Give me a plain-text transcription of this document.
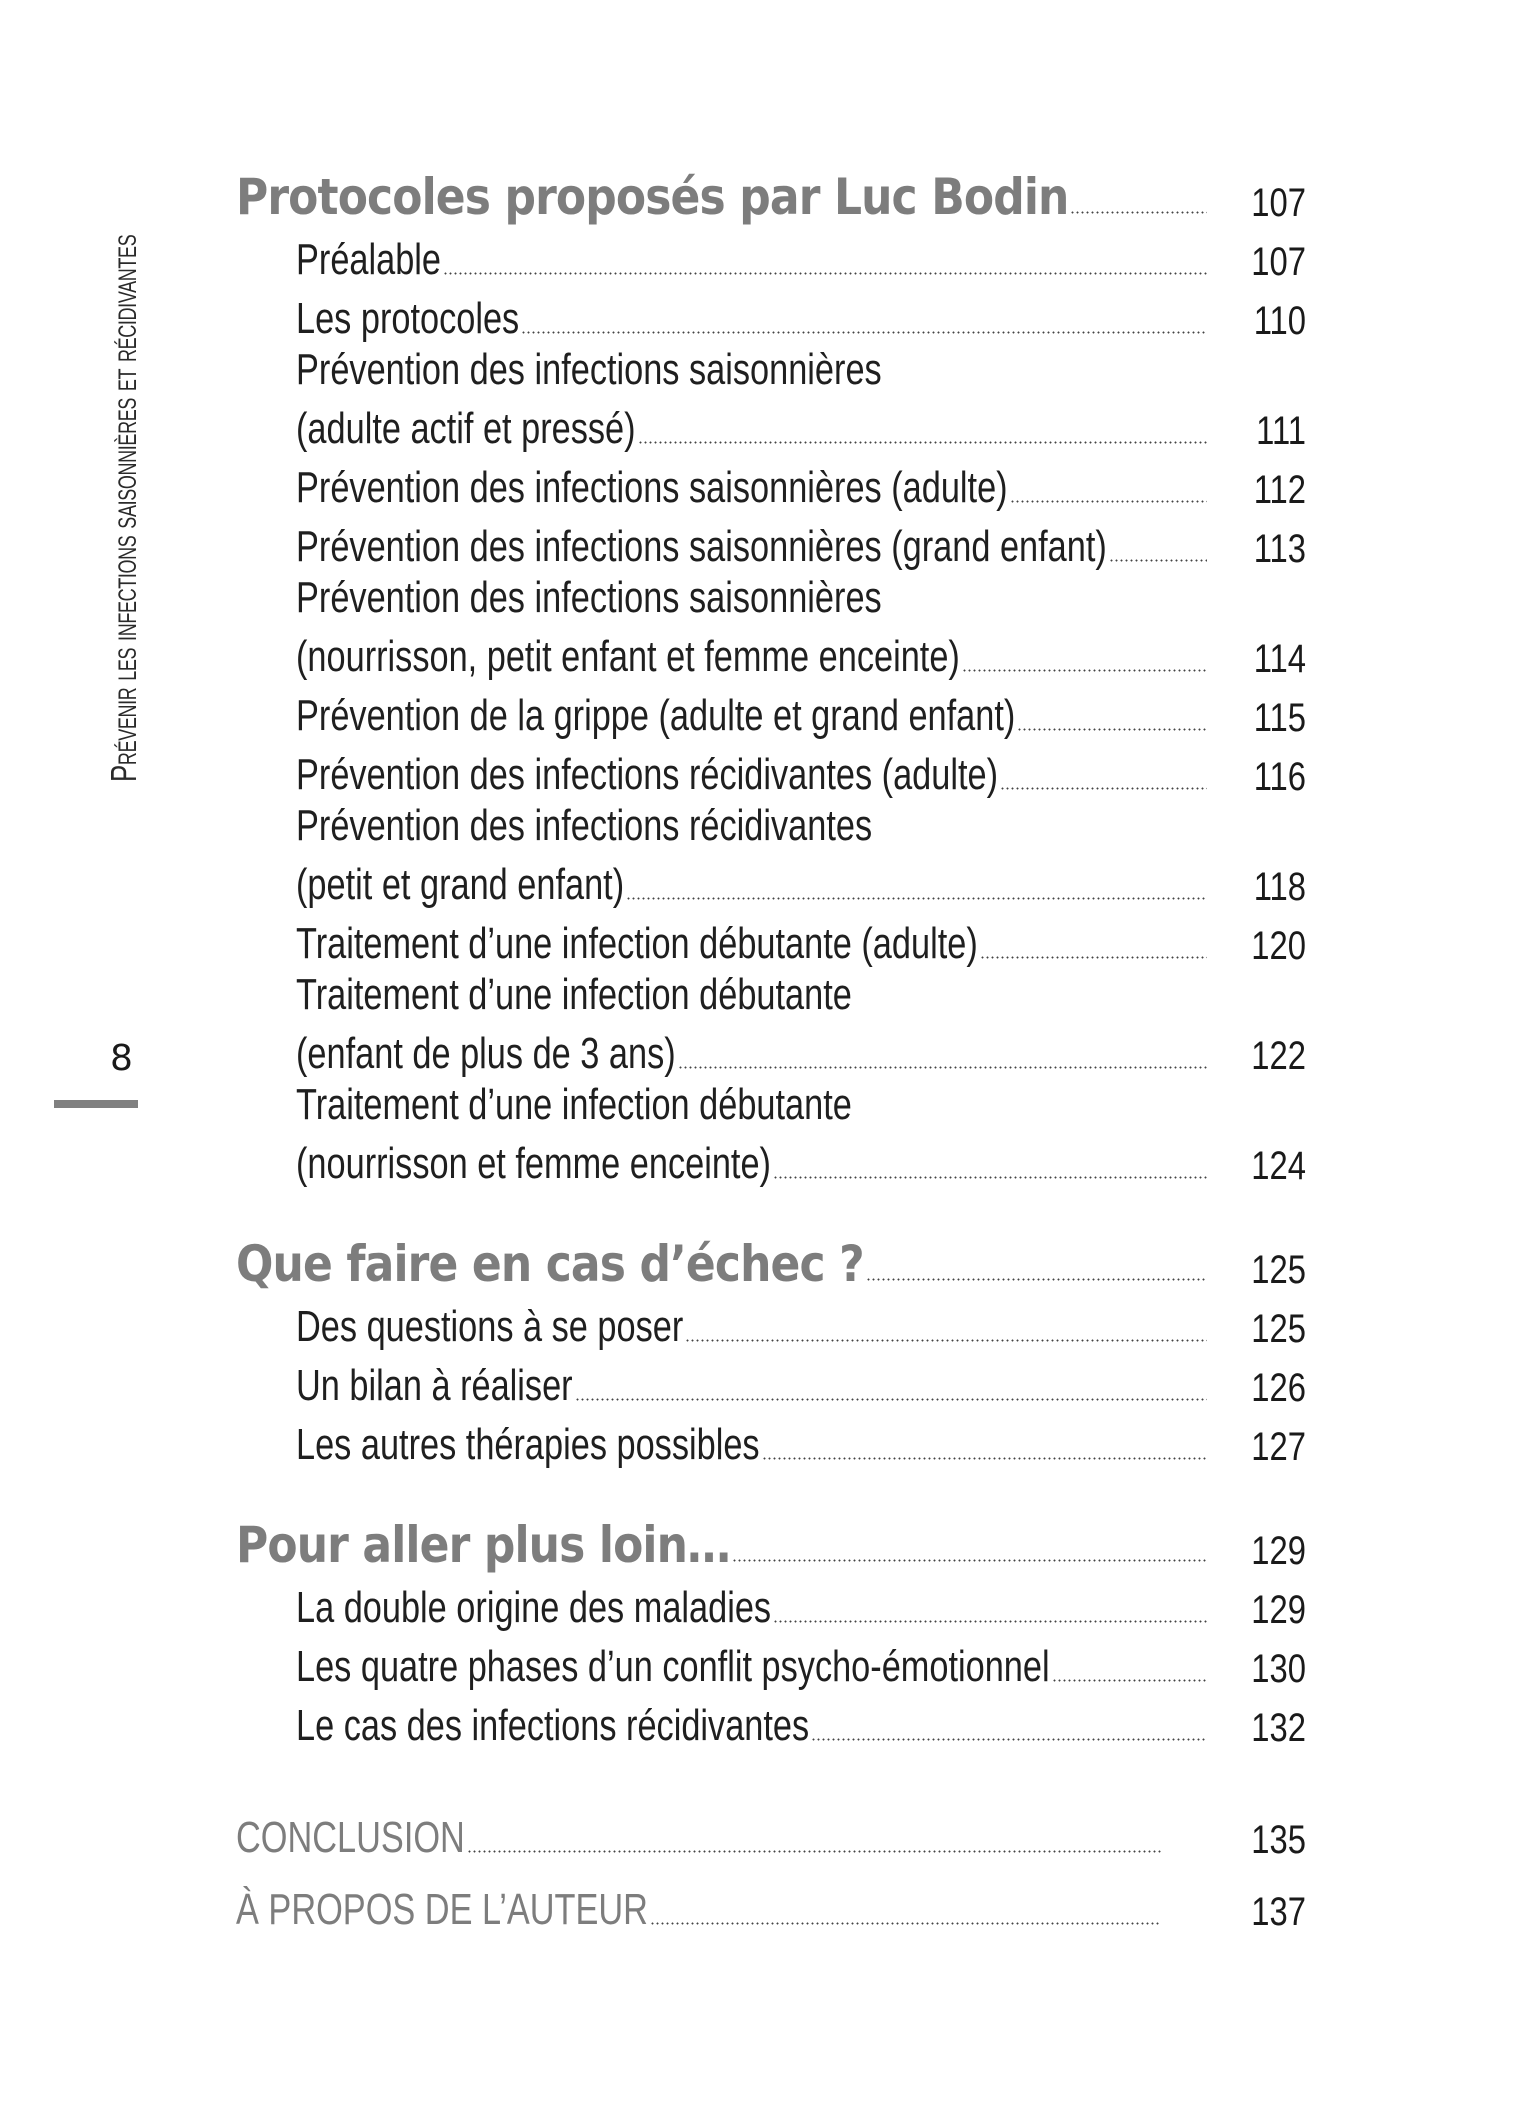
Prévenir les infections saisonnières et récidivantes
8
Protocoles proposés par Luc Bodin	107
Préalable	107
Les protocoles	110
Prévention des infections saisonnières
(adulte actif et pressé)	111
Prévention des infections saisonnières (adulte)	112
Prévention des infections saisonnières (grand enfant)	113
Prévention des infections saisonnières
(nourrisson, petit enfant et femme enceinte)	114
Prévention de la grippe (adulte et grand enfant)	115
Prévention des infections récidivantes (adulte)	116
Prévention des infections récidivantes
(petit et grand enfant)	118
Traitement d’une infection débutante (adulte)	120
Traitement d’une infection débutante
(enfant de plus de 3 ans)	122
Traitement d’une infection débutante
(nourrisson et femme enceinte)	124
Que faire en cas d’échec ?	125
Des questions à se poser	125
Un bilan à réaliser	126
Les autres thérapies possibles	127
Pour aller plus loin…	129
La double origine des maladies	129
Les quatre phases d’un conflit psycho-émotionnel	130
Le cas des infections récidivantes	132
CONCLUSION	135
À PROPOS DE L’AUTEUR	137
